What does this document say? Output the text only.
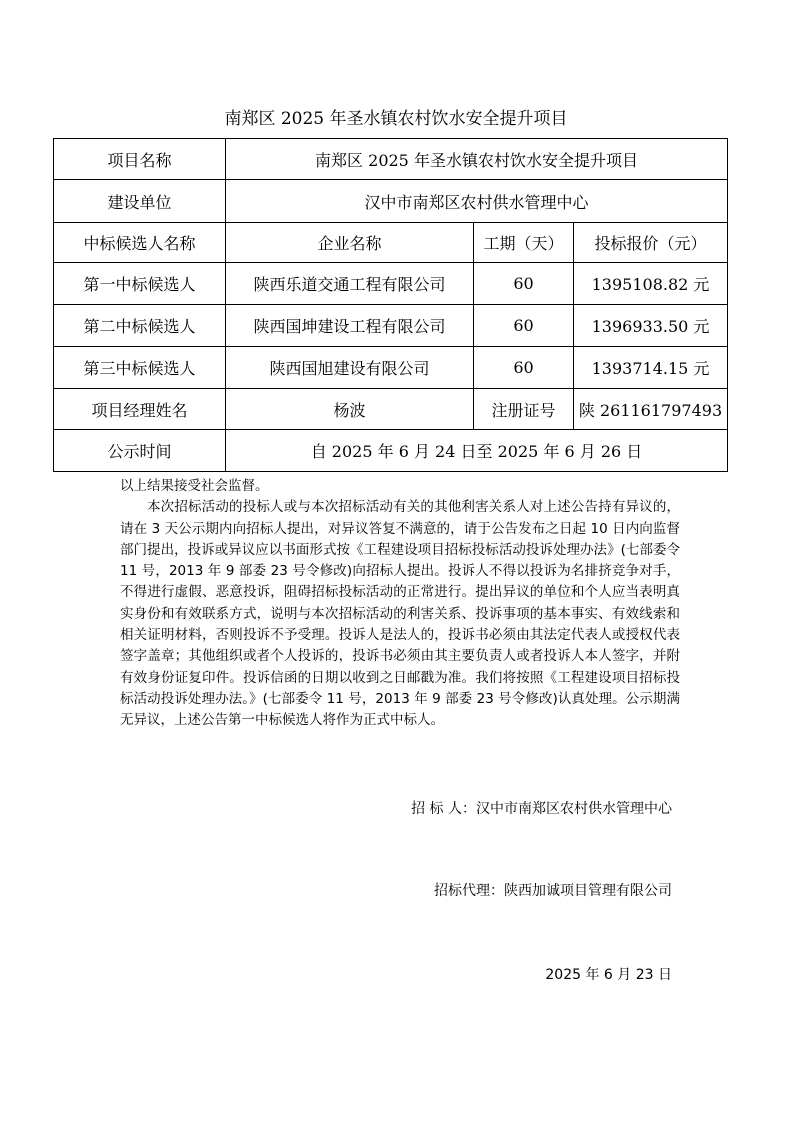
南郑区 2025 年圣水镇农村饮水安全提升项目
项目名称	南郑区 2025 年圣水镇农村饮水安全提升项目		
建设单位	汉中市南郑区农村供水管理中心		
中标候选人名称	企业名称	工期（天）	投标报价（元）
第一中标候选人	陕西乐道交通工程有限公司	60	1395108.82 元
第二中标候选人	陕西国坤建设工程有限公司	60	1396933.50 元
第三中标候选人	陕西国旭建设有限公司	60	1393714.15 元
项目经理姓名	杨波	注册证号	陕 261161797493
公示时间	自 2025 年 6 月 24 日至 2025 年 6 月 26 日		

以上结果接受社会监督。

本次招标活动的投标人或与本次招标活动有关的其他利害关系人对上述公告持有异议的，请在 3 天公示期内向招标人提出，对异议答复不满意的，请于公告发布之日起 10 日内向监督部门提出，投诉或异议应以书面形式按《工程建设项目招标投标活动投诉处理办法》(七部委令 11 号，2013 年 9 部委 23 号令修改)向招标人提出。投诉人不得以投诉为名排挤竞争对手，不得进行虚假、恶意投诉，阻碍招标投标活动的正常进行。提出异议的单位和个人应当表明真实身份和有效联系方式，说明与本次招标活动的利害关系、投诉事项的基本事实、有效线索和相关证明材料，否则投诉不予受理。投诉人是法人的，投诉书必须由其法定代表人或授权代表签字盖章；其他组织或者个人投诉的，投诉书必须由其主要负责人或者投诉人本人签字，并附有效身份证复印件。投诉信函的日期以收到之日邮戳为准。我们将按照《工程建设项目招标投标活动投诉处理办法。》(七部委令 11 号，2013 年 9 部委 23 号令修改)认真处理。公示期满无异议，上述公告第一中标候选人将作为正式中标人。

招 标 人：汉中市南郑区农村供水管理中心
招标代理：陕西加诚项目管理有限公司
2025 年 6 月 23 日
